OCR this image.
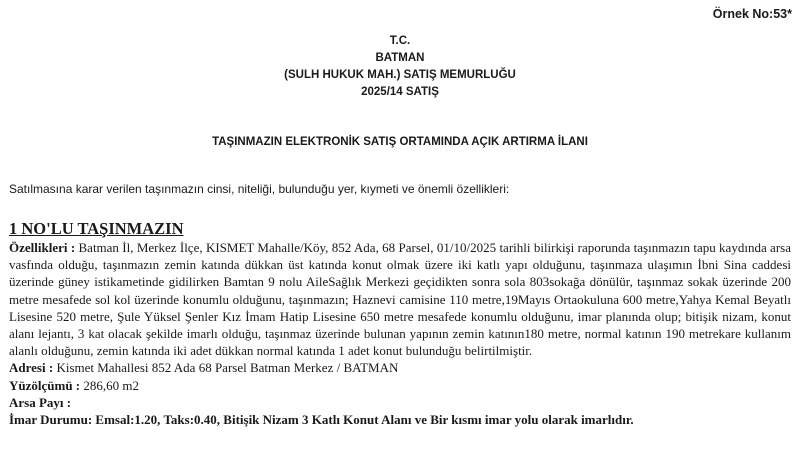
Örnek No:53*
T.C.
BATMAN
(SULH HUKUK MAH.) SATIŞ MEMURLUĞU
2025/14 SATIŞ
TAŞINMAZIN ELEKTRONİK SATIŞ ORTAMINDA AÇIK ARTIRMA İLANI
Satılmasına karar verilen taşınmazın cinsi, niteliği, bulunduğu yer, kıymeti ve önemli özellikleri:
1 NO'LU TAŞINMAZIN
Özellikleri : Batman İl, Merkez İlçe, KISMET Mahalle/Köy, 852 Ada, 68 Parsel, 01/10/2025 tarihli bilirkişi raporunda taşınmazın tapu kaydında arsa vasfında olduğu, taşınmazın zemin katında dükkan üst katında konut olmak üzere iki katlı yapı olduğunu, taşınmaza ulaşımın İbni Sina caddesi üzerinde güney istikametinde gidilirken Bamtan 9 nolu AileSağlık Merkezi geçidikten sonra sola 803sokağa dönülür, taşınmaz sokak üzerinde 200 metre mesafede sol kol üzerinde konumlu olduğunu, taşınmazın; Haznevi camisine 110 metre,19Mayıs Ortaokuluna 600 metre,Yahya Kemal Beyatlı Lisesine 520 metre, Şule Yüksel Şenler Kız İmam Hatip Lisesine 650 metre mesafede konumlu olduğunu, imar planında olup; bitişik nizam, konut alanı lejantı, 3 kat olacak şekilde imarlı olduğu, taşınmaz üzerinde bulunan yapının zemin katının180 metre, normal katının 190 metrekare kullanım alanlı olduğunu, zemin katında iki adet dükkan normal katında 1 adet konut bulunduğu belirtilmiştir.
Adresi : Kismet Mahallesi 852 Ada 68 Parsel Batman Merkez / BATMAN
Yüzölçümü : 286,60 m2
Arsa Payı :
İmar Durumu: Emsal:1.20, Taks:0.40, Bitişik Nizam 3 Katlı Konut Alanı ve Bir kısmı imar yolu olarak imarlıdır.
